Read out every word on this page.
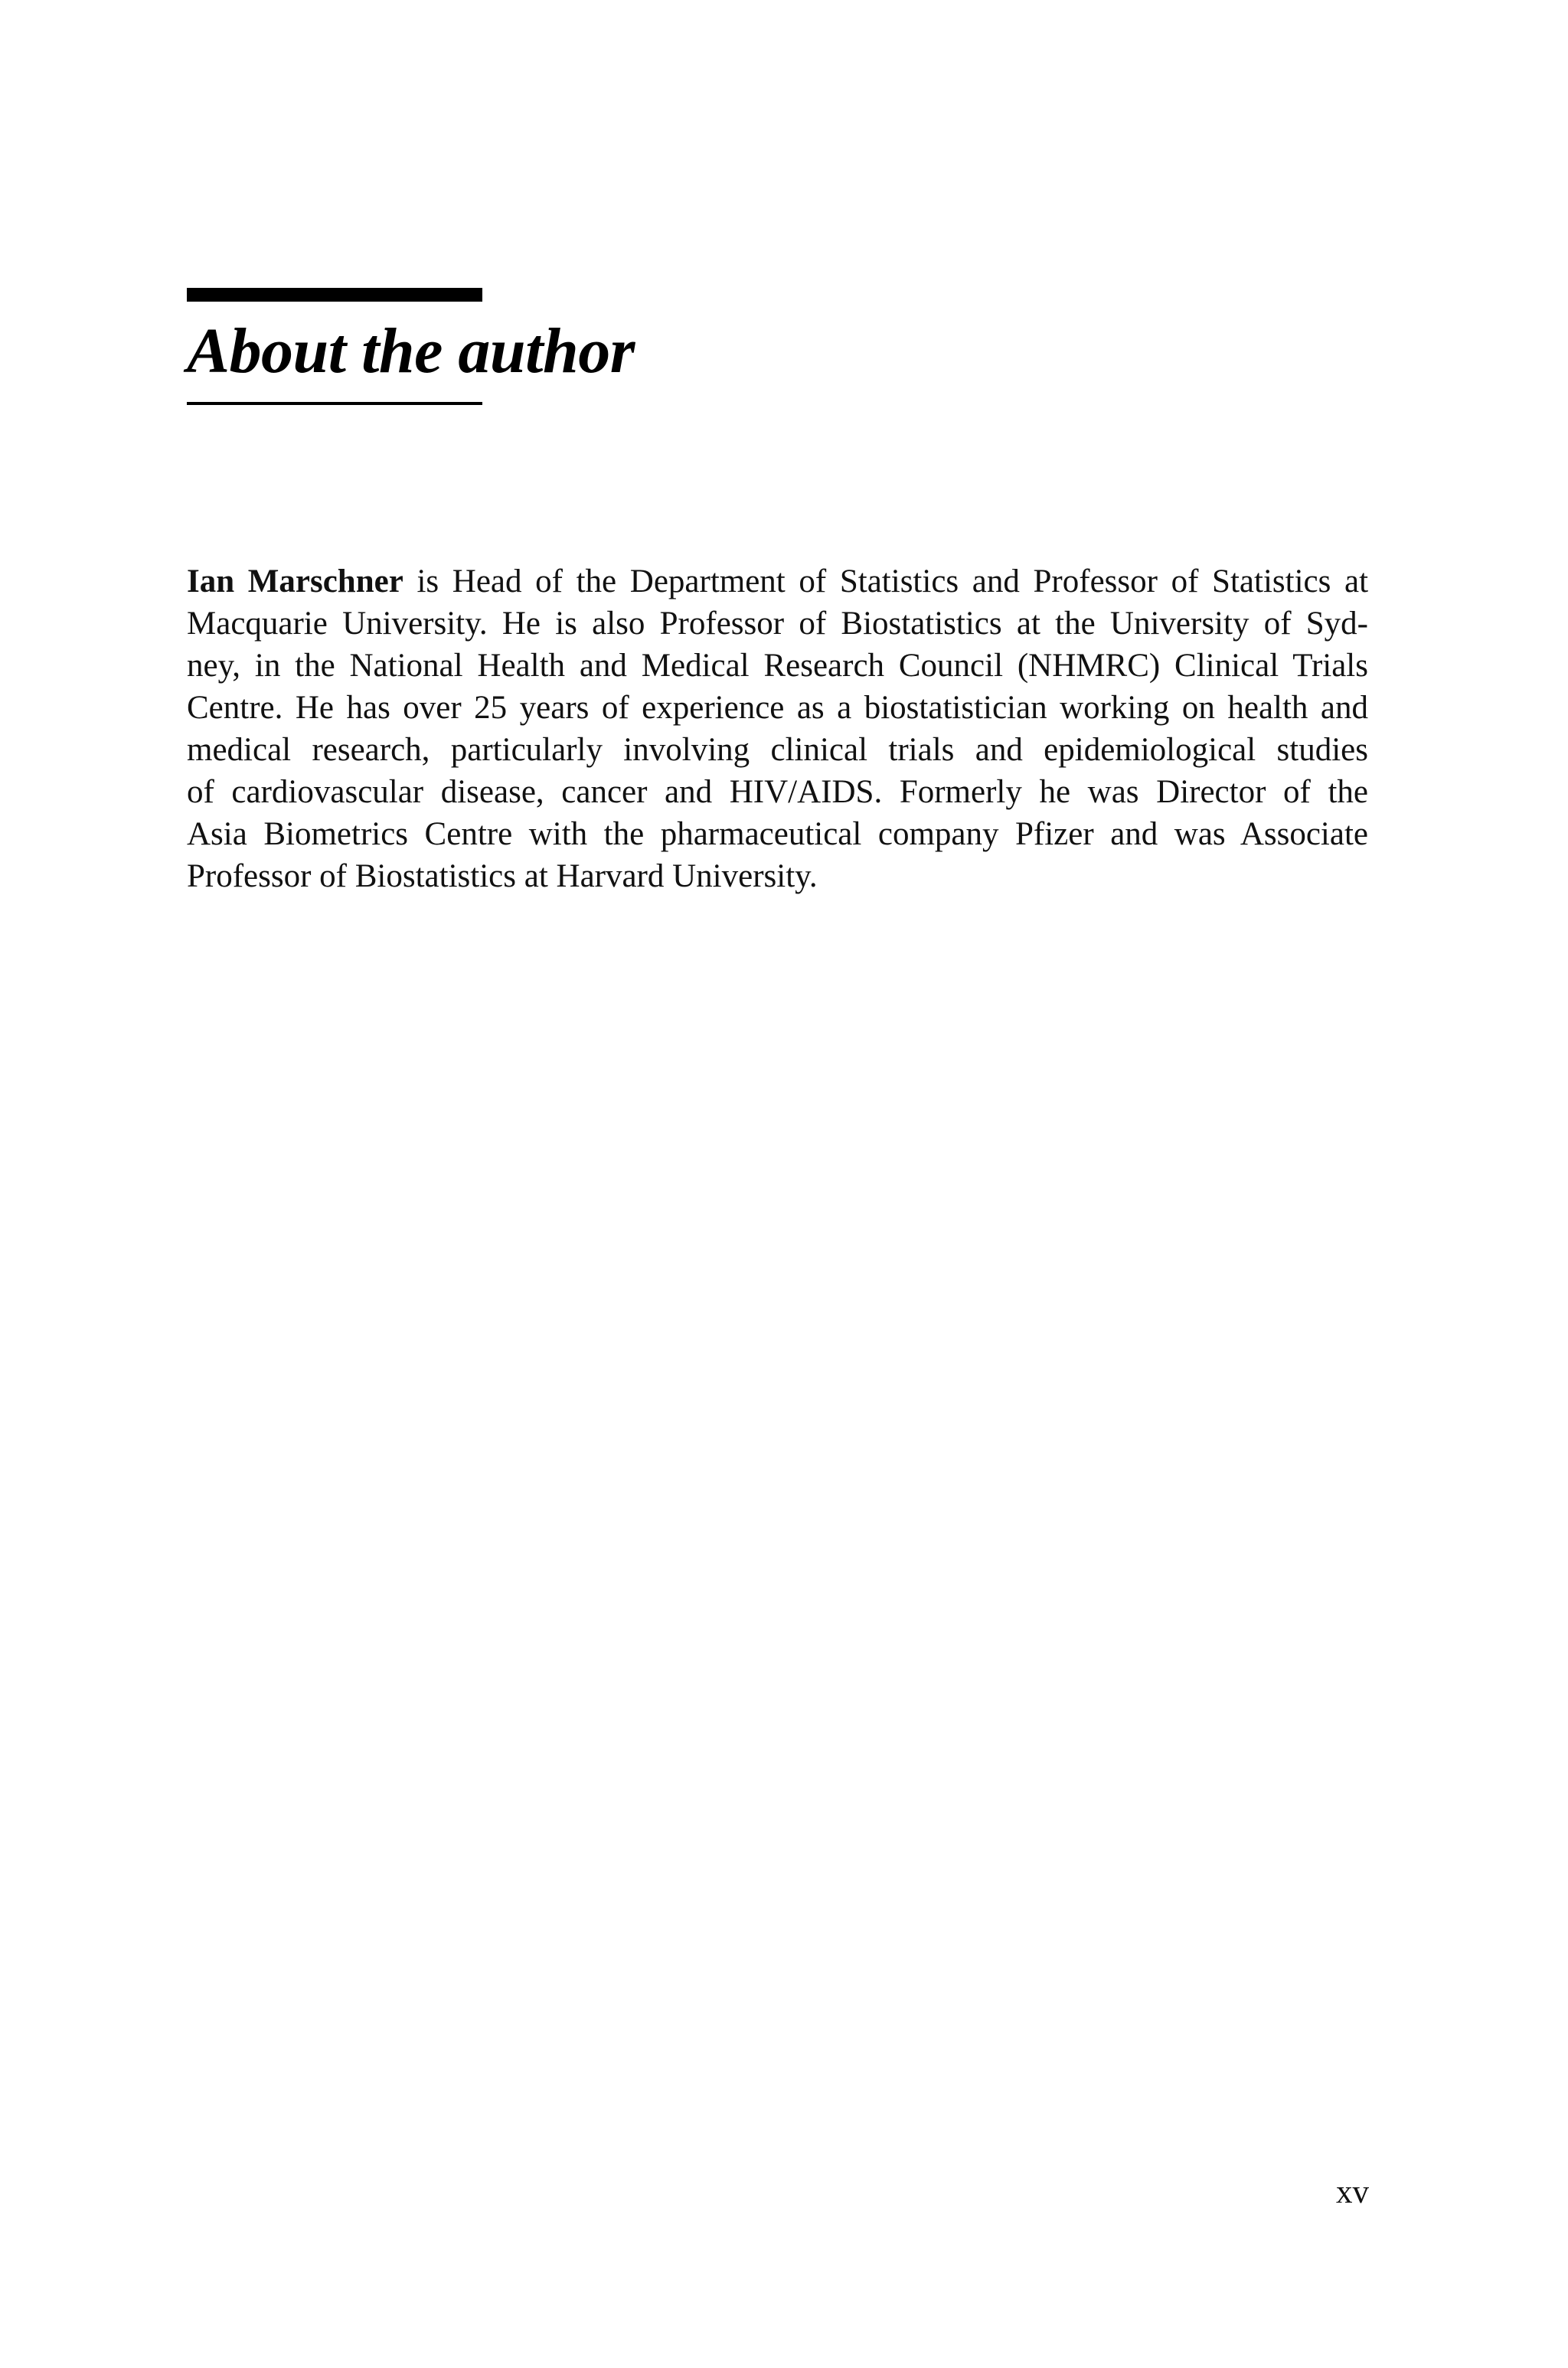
About the author

Ian Marschner is Head of the Department of Statistics and Professor of Statistics at
Macquarie University. He is also Professor of Biostatistics at the University of Syd-
ney, in the National Health and Medical Research Council (NHMRC) Clinical Trials
Centre. He has over 25 years of experience as a biostatistician working on health and
medical research, particularly involving clinical trials and epidemiological studies
of cardiovascular disease, cancer and HIV/AIDS. Formerly he was Director of the
Asia Biometrics Centre with the pharmaceutical company Pfizer and was Associate
Professor of Biostatistics at Harvard University.

xv
